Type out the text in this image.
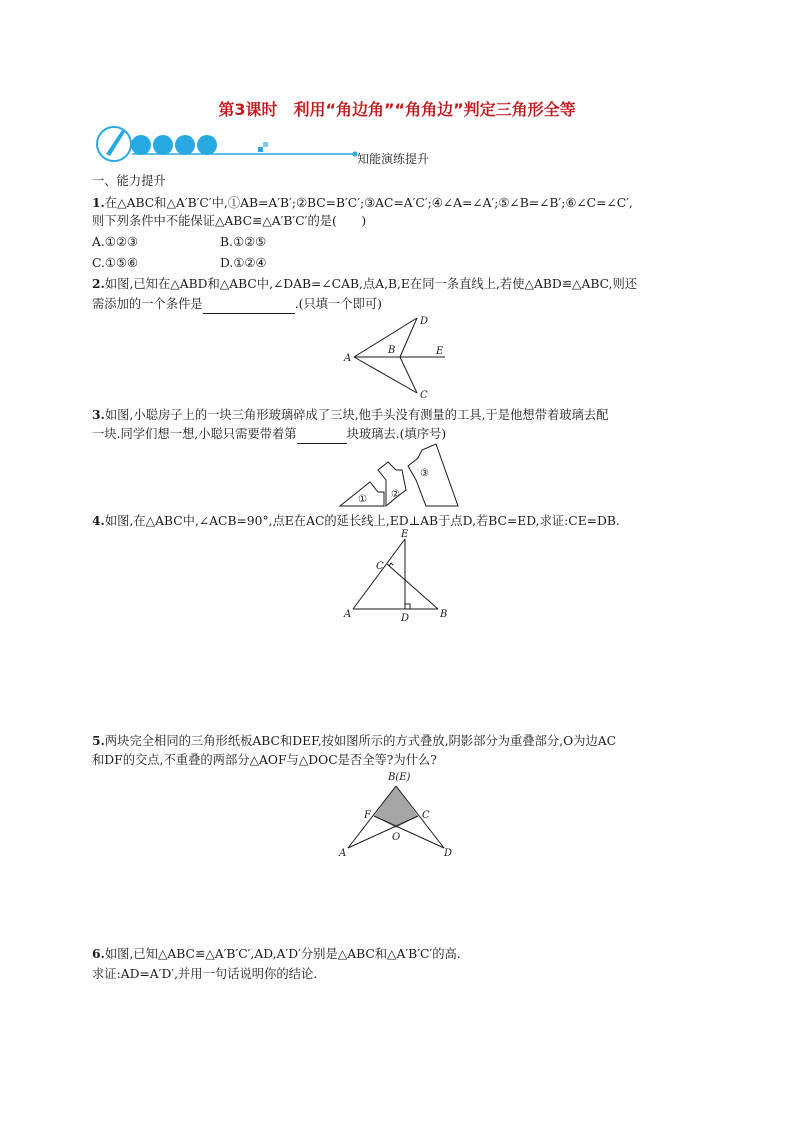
第3课时　利用“角边角”“角角边”判定三角形全等
知能演练提升
一、能力提升
1.在△ABC和△A′B′C′中,①AB=A′B′;②BC=B′C′;③AC=A′C′;④∠A=∠A′;⑤∠B=∠B′;⑥∠C=∠C′,
则下列条件中不能保证△ABC≌△A′B′C′的是(　　)
A.①②③	B.①②⑤
C.①⑤⑥	D.①②④
2.如图,已知在△ABD和△ABC中,∠DAB=∠CAB,点A,B,E在同一条直线上,若使△ABD≌△ABC,则还
需添加的一个条件是	.(只填一个即可)
A
B
D
C
E
3.如图,小聪房子上的一块三角形玻璃碎成了三块,他手头没有测量的工具,于是他想带着玻璃去配
一块.同学们想一想,小聪只需要带着第	块玻璃去.(填序号)
① ②
③
4.如图,在△ABC中,∠ACB=90°,点E在AC的延长线上,ED⊥AB于点D,若BC=ED,求证:CE=DB.
A	B
C
D
E
5.两块完全相同的三角形纸板ABC和DEF,按如图所示的方式叠放,阴影部分为重叠部分,O为边AC
和DF的交点,不重叠的两部分△AOF与△DOC是否全等?为什么?
B(E)
F	C
O
A	D
6.如图,已知△ABC≌△A′B′C′,AD,A′D′分别是△ABC和△A′B′C′的高.
求证:AD=A′D′,并用一句话说明你的结论.
